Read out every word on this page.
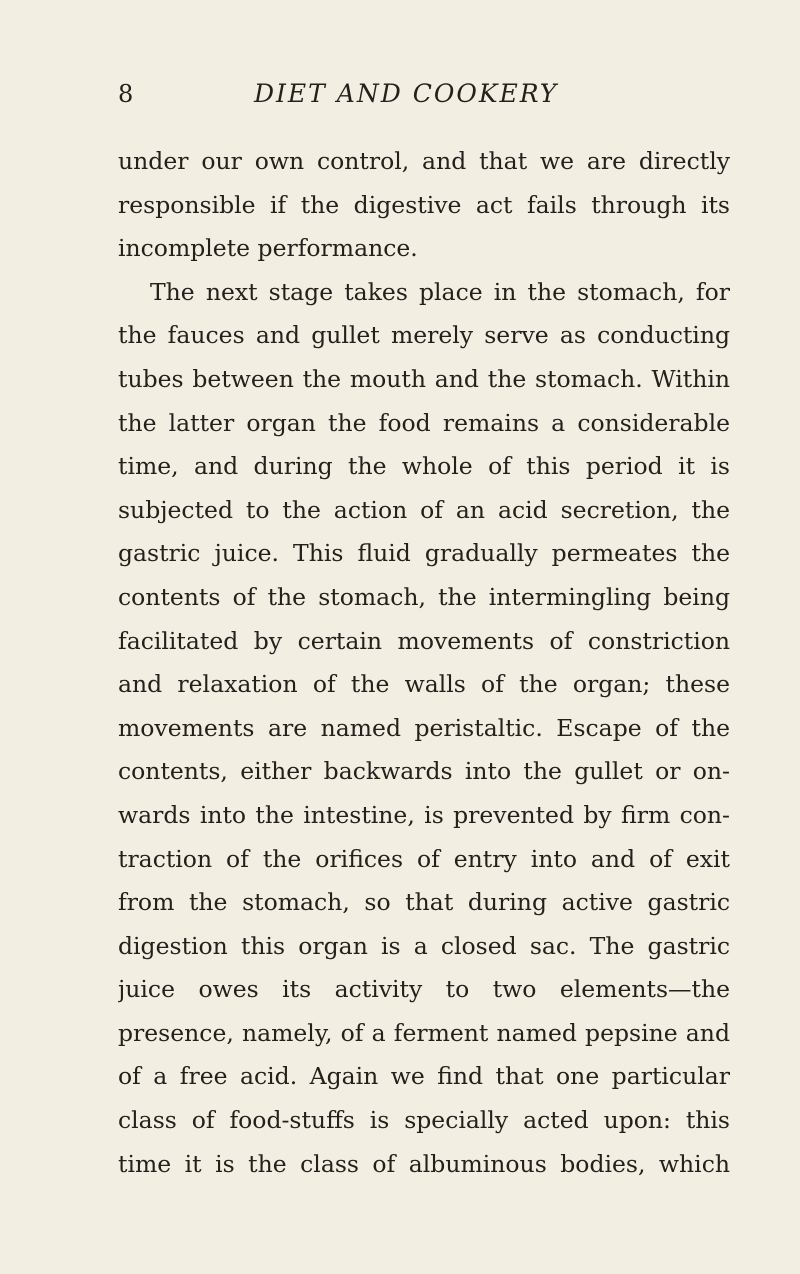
8	DIET AND COOKERY
under our own control, and that we are directly
responsible if the digestive act fails through its
incomplete performance.
The next stage takes place in the stomach, for
the fauces and gullet merely serve as conducting
tubes between the mouth and the stomach. Within
the latter organ the food remains a considerable
time, and during the whole of this period it is
subjected to the action of an acid secretion, the
gastric juice. This fluid gradually permeates the
contents of the stomach, the intermingling being
facilitated by certain movements of constriction
and relaxation of the walls of the organ; these
movements are named peristaltic. Escape of the
contents, either backwards into the gullet or on-
wards into the intestine, is prevented by firm con-
traction of the orifices of entry into and of exit
from the stomach, so that during active gastric
digestion this organ is a closed sac. The gastric
juice owes its activity to two elements—the
presence, namely, of a ferment named pepsine and
of a free acid. Again we find that one particular
class of food-stuffs is specially acted upon: this
time it is the class of albuminous bodies, which
